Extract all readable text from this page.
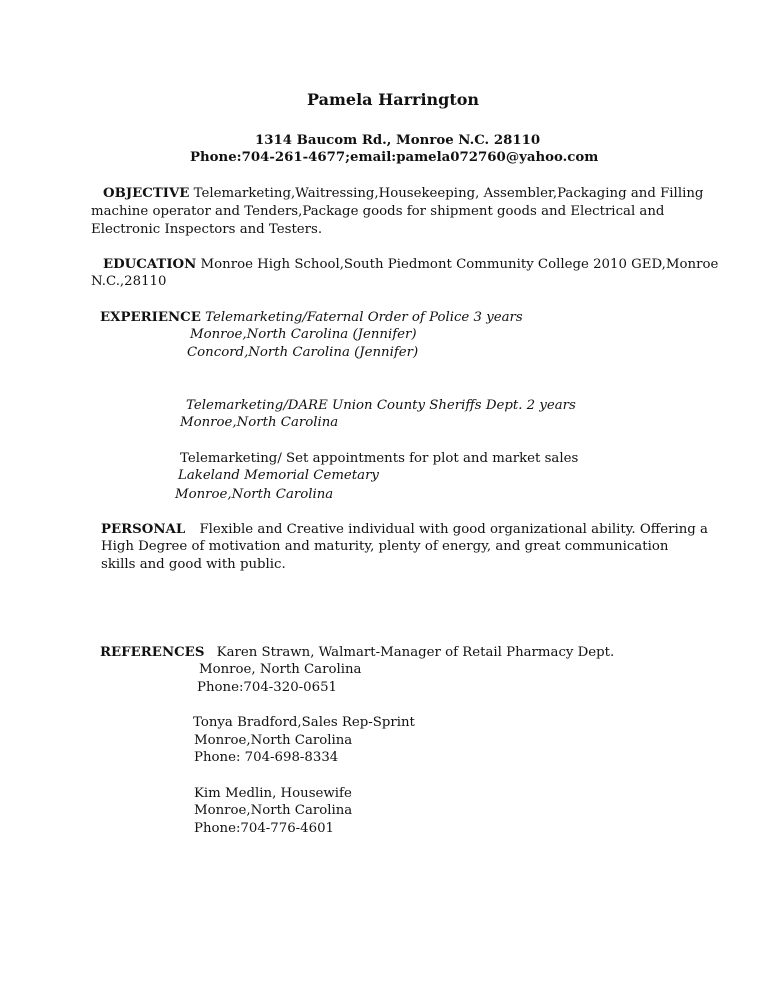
Pamela Harrington
1314 Baucom Rd., Monroe N.C. 28110
Phone:704-261-4677;email:pamela072760@yahoo.com
OBJECTIVE Telemarketing,Waitressing,Housekeeping, Assembler,Packaging and Filling
machine operator and Tenders,Package goods for shipment goods and Electrical and
Electronic Inspectors and Testers.
EDUCATION Monroe High School,South Piedmont Community College 2010 GED,Monroe
N.C.,28110
EXPERIENCE Telemarketing/Faternal Order of Police 3 years
Monroe,North Carolina (Jennifer)
Concord,North Carolina (Jennifer)
Telemarketing/DARE Union County Sheriffs Dept. 2 years
Monroe,North Carolina
Telemarketing/ Set appointments for plot and market sales
Lakeland Memorial Cemetary
Monroe,North Carolina
PERSONAL Flexible and Creative individual with good organizational ability. Offering a
High Degree of motivation and maturity, plenty of energy, and great communication
skills and good with public.
REFERENCES Karen Strawn, Walmart-Manager of Retail Pharmacy Dept.
Monroe, North Carolina
Phone:704-320-0651
Tonya Bradford,Sales Rep-Sprint
Monroe,North Carolina
Phone: 704-698-8334
Kim Medlin, Housewife
Monroe,North Carolina
Phone:704-776-4601
